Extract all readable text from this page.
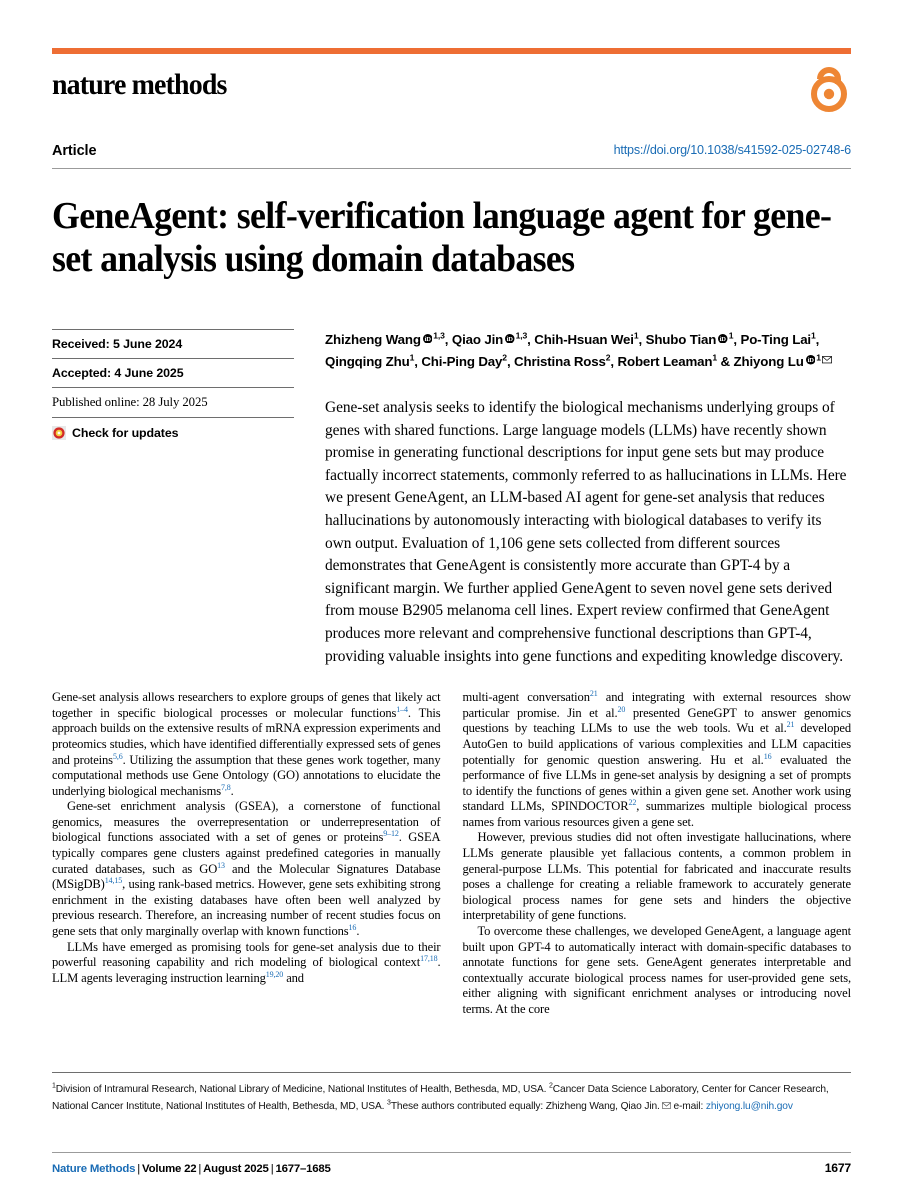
nature methods
Article	https://doi.org/10.1038/s41592-025-02748-6
GeneAgent: self-verification language agent for gene-set analysis using domain databases
Received: 5 June 2024
Accepted: 4 June 2025
Published online: 28 July 2025
Check for updates
Zhizheng Wang iD $^{1,3}$, Qiao Jin iD $^{1,3}$, Chih-Hsuan Wei$^1$, Shubo Tian iD $^1$, Po-Ting Lai$^1$,
Qingqing Zhu$^1$, Chi-Ping Day$^2$, Christina Ross$^2$, Robert Leaman$^1$ & Zhiyong Lu iD $^1$
Gene-set analysis seeks to identify the biological mechanisms underlying groups of genes with shared functions. Large language models (LLMs) have recently shown promise in generating functional descriptions for input gene sets but may produce factually incorrect statements, commonly referred to as hallucinations in LLMs. Here we present GeneAgent, an LLM-based AI agent for gene-set analysis that reduces hallucinations by autonomously interacting with biological databases to verify its own output. Evaluation of 1,106 gene sets collected from different sources demonstrates that GeneAgent is consistently more accurate than GPT-4 by a significant margin. We further applied GeneAgent to seven novel gene sets derived from mouse B2905 melanoma cell lines. Expert review confirmed that GeneAgent produces more relevant and comprehensive functional descriptions than GPT-4, providing valuable insights into gene functions and expediting knowledge discovery.

Gene-set analysis allows researchers to explore groups of genes that likely act together in specific biological processes or molecular functions$^{1-4}$. This approach builds on the extensive results of mRNA expression experiments and proteomics studies, which have identified differentially expressed sets of genes and proteins$^{5,6}$. Utilizing the assumption that these genes work together, many computational methods use Gene Ontology (GO) annotations to elucidate the underlying biological mechanisms$^{7,8}$.

Gene-set enrichment analysis (GSEA), a cornerstone of functional genomics, measures the overrepresentation or underrepresentation of biological functions associated with a set of genes or proteins$^{9-12}$. GSEA typically compares gene clusters against predefined categories in manually curated databases, such as GO$^{13}$ and the Molecular Signatures Database (MSigDB)$^{14,15}$, using rank-based metrics. However, gene sets exhibiting strong enrichment in the existing databases have often been well analyzed by previous research. Therefore, an increasing number of recent studies focus on gene sets that only marginally overlap with known functions$^{16}$.

LLMs have emerged as promising tools for gene-set analysis due to their powerful reasoning capability and rich modeling of biological context$^{17,18}$. LLM agents leveraging instruction learning$^{19,20}$ and

multi-agent conversation$^{21}$ and integrating with external resources show particular promise. Jin et al.$^{20}$ presented GeneGPT to answer genomics questions by teaching LLMs to use the web tools. Wu et al.$^{21}$ developed AutoGen to build applications of various complexities and LLM capacities potentially for genomic question answering. Hu et al.$^{16}$ evaluated the performance of five LLMs in gene-set analysis by designing a set of prompts to identify the functions of genes within a given gene set. Another work using standard LLMs, SPINDOCTOR$^{22}$, summarizes multiple biological process names from various resources given a gene set.

However, previous studies did not often investigate hallucinations, where LLMs generate plausible yet fallacious contents, a common problem in general-purpose LLMs. This potential for fabricated and inaccurate results poses a challenge for creating a reliable framework to accurately generate biological process names for gene sets and hinders the objective interpretability of gene functions.

To overcome these challenges, we developed GeneAgent, a language agent built upon GPT-4 to automatically interact with domain-specific databases to annotate functions for gene sets. GeneAgent generates interpretable and contextually accurate biological process names for user-provided gene sets, either aligning with significant enrichment analyses or introducing novel terms. At the core

$^1$Division of Intramural Research, National Library of Medicine, National Institutes of Health, Bethesda, MD, USA. $^2$Cancer Data Science Laboratory, Center for Cancer Research, National Cancer Institute, National Institutes of Health, Bethesda, MD, USA. $^3$These authors contributed equally: Zhizheng Wang, Qiao Jin. e-mail: zhiyong.lu@nih.gov
Nature Methods | Volume 22 | August 2025 | 1677–1685	1677
